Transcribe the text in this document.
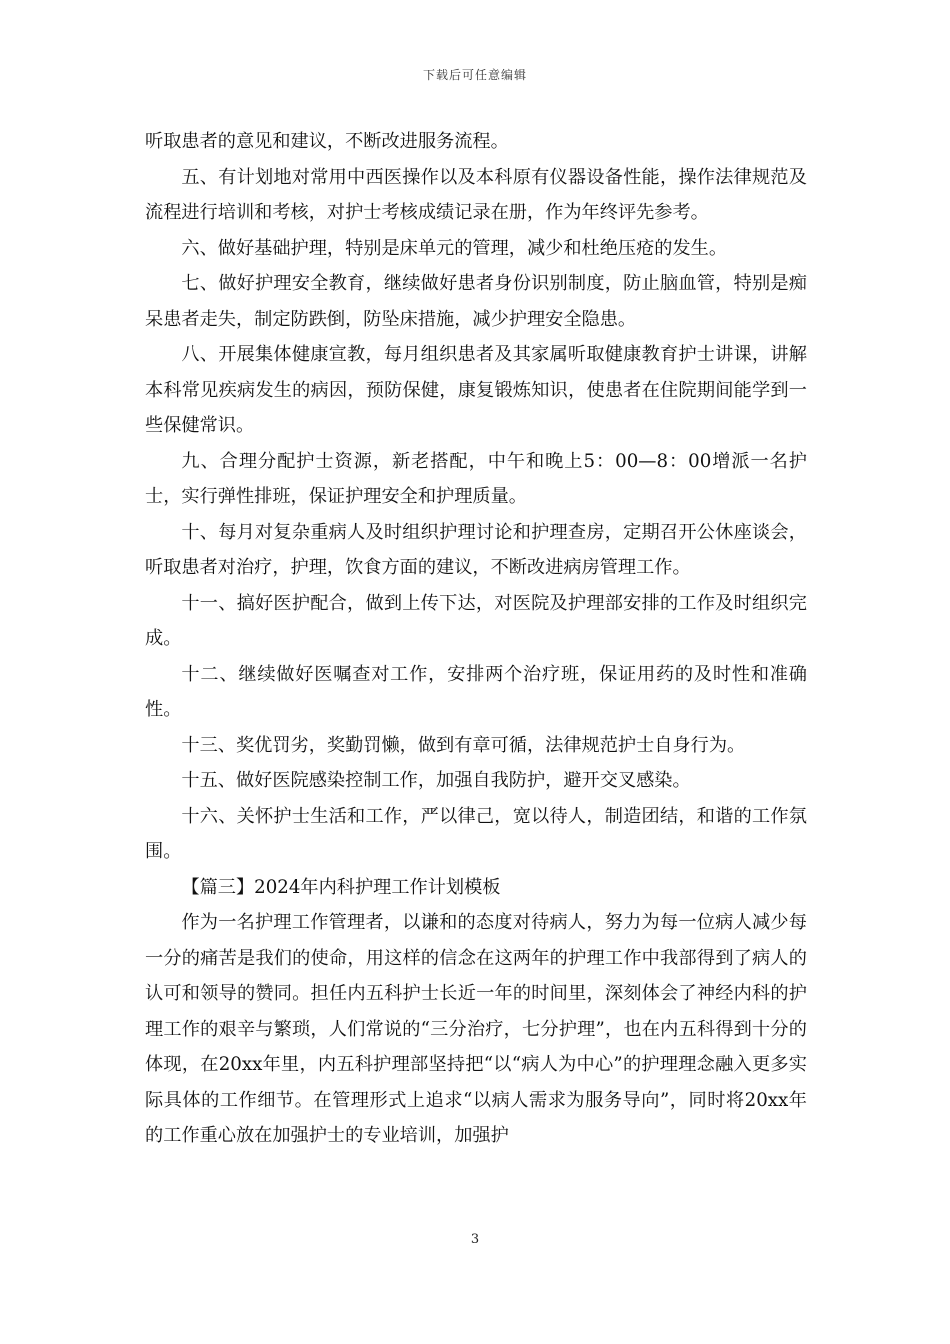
下载后可任意编辑

听取患者的意见和建议，不断改进服务流程。

五、有计划地对常用中西医操作以及本科原有仪器设备性能，操作法律规范及流程进行培训和考核，对护士考核成绩记录在册，作为年终评先参考。

六、做好基础护理，特别是床单元的管理，减少和杜绝压疮的发生。

七、做好护理安全教育，继续做好患者身份识别制度，防止脑血管，特别是痴呆患者走失，制定防跌倒，防坠床措施，减少护理安全隐患。

八、开展集体健康宣教，每月组织患者及其家属听取健康教育护士讲课，讲解本科常见疾病发生的病因，预防保健，康复锻炼知识，使患者在住院期间能学到一些保健常识。

九、合理分配护士资源，新老搭配，中午和晚上5：00—8：00增派一名护士，实行弹性排班，保证护理安全和护理质量。

十、每月对复杂重病人及时组织护理讨论和护理查房，定期召开公休座谈会，听取患者对治疗，护理，饮食方面的建议，不断改进病房管理工作。

十一、搞好医护配合，做到上传下达，对医院及护理部安排的工作及时组织完成。

十二、继续做好医嘱查对工作，安排两个治疗班，保证用药的及时性和准确性。

十三、奖优罚劣，奖勤罚懒，做到有章可循，法律规范护士自身行为。

十五、做好医院感染控制工作，加强自我防护，避开交叉感染。

十六、关怀护士生活和工作，严以律己，宽以待人，制造团结，和谐的工作氛围。

【篇三】2024年内科护理工作计划模板

作为一名护理工作管理者，以谦和的态度对待病人，努力为每一位病人减少每一分的痛苦是我们的使命，用这样的信念在这两年的护理工作中我部得到了病人的认可和领导的赞同。担任内五科护士长近一年的时间里，深刻体会了神经内科的护理工作的艰辛与繁琐，人们常说的“三分治疗，七分护理”，也在内五科得到十分的体现，在20xx年里，内五科护理部坚持把“以“病人为中心”的护理理念融入更多实际具体的工作细节。在管理形式上追求“以病人需求为服务导向”，同时将20xx年的工作重心放在加强护士的专业培训，加强护

3
